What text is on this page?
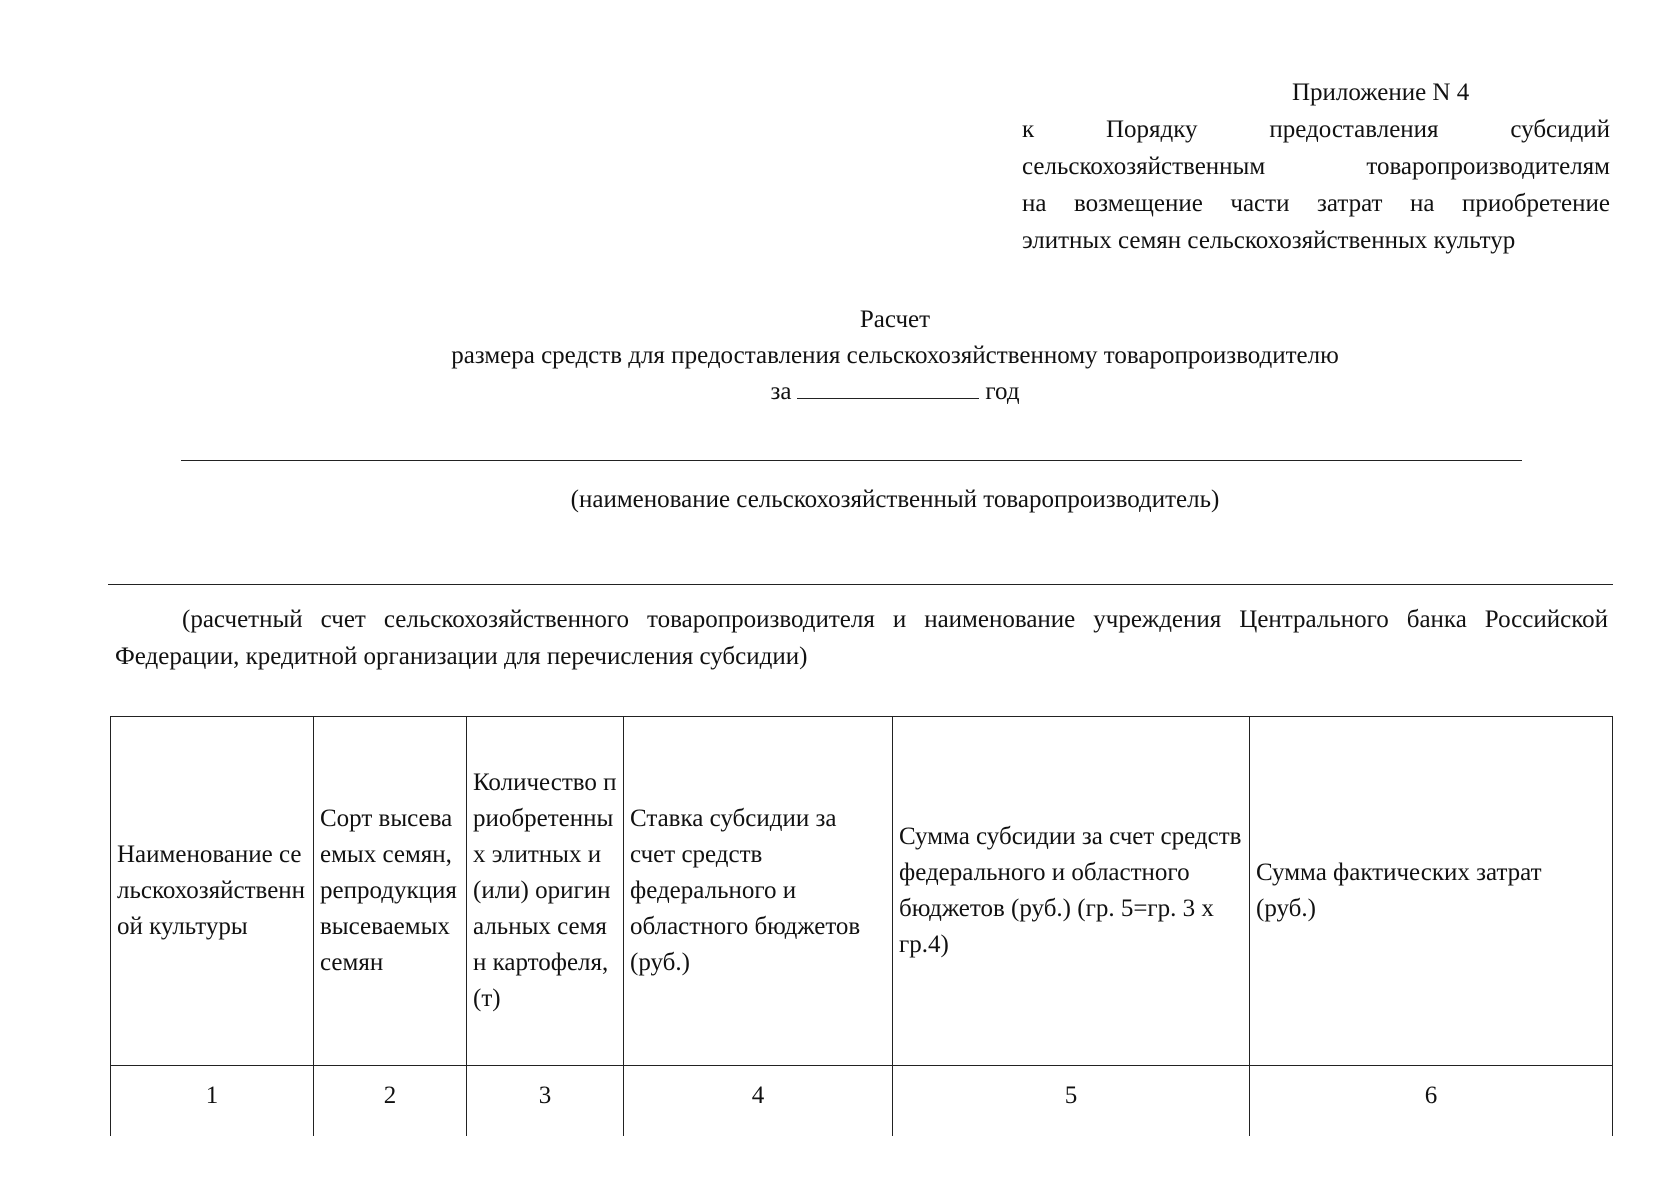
Приложение N 4
к Порядку предоставления субсидий
сельскохозяйственным товаропроизводителям
на возмещение части затрат на приобретение
элитных семян сельскохозяйственных культур
Расчет
размера средств для предоставления сельскохозяйственному товаропроизводителю
за	год
(наименование сельскохозяйственный товаропроизводитель)
(расчетный счет сельскохозяйственного товаропроизводителя и наименование учреждения Центрального банка Российской Федерации, кредитной организации для перечисления субсидии)
Наименование сельскохозяйственной культуры	Сорт высеваемых семян, репродукция высеваемых семян	Количество приобретенных элитных и (или) оригинальных семян картофеля, (т)	Ставка субсидии за счет средств федерального и областного бюджетов (руб.)	Сумма субсидии за счет средств федерального и областного бюджетов (руб.) (гр. 5=гр. 3 х гр.4)	Сумма фактических затрат (руб.)
1	2	3	4	5	6
